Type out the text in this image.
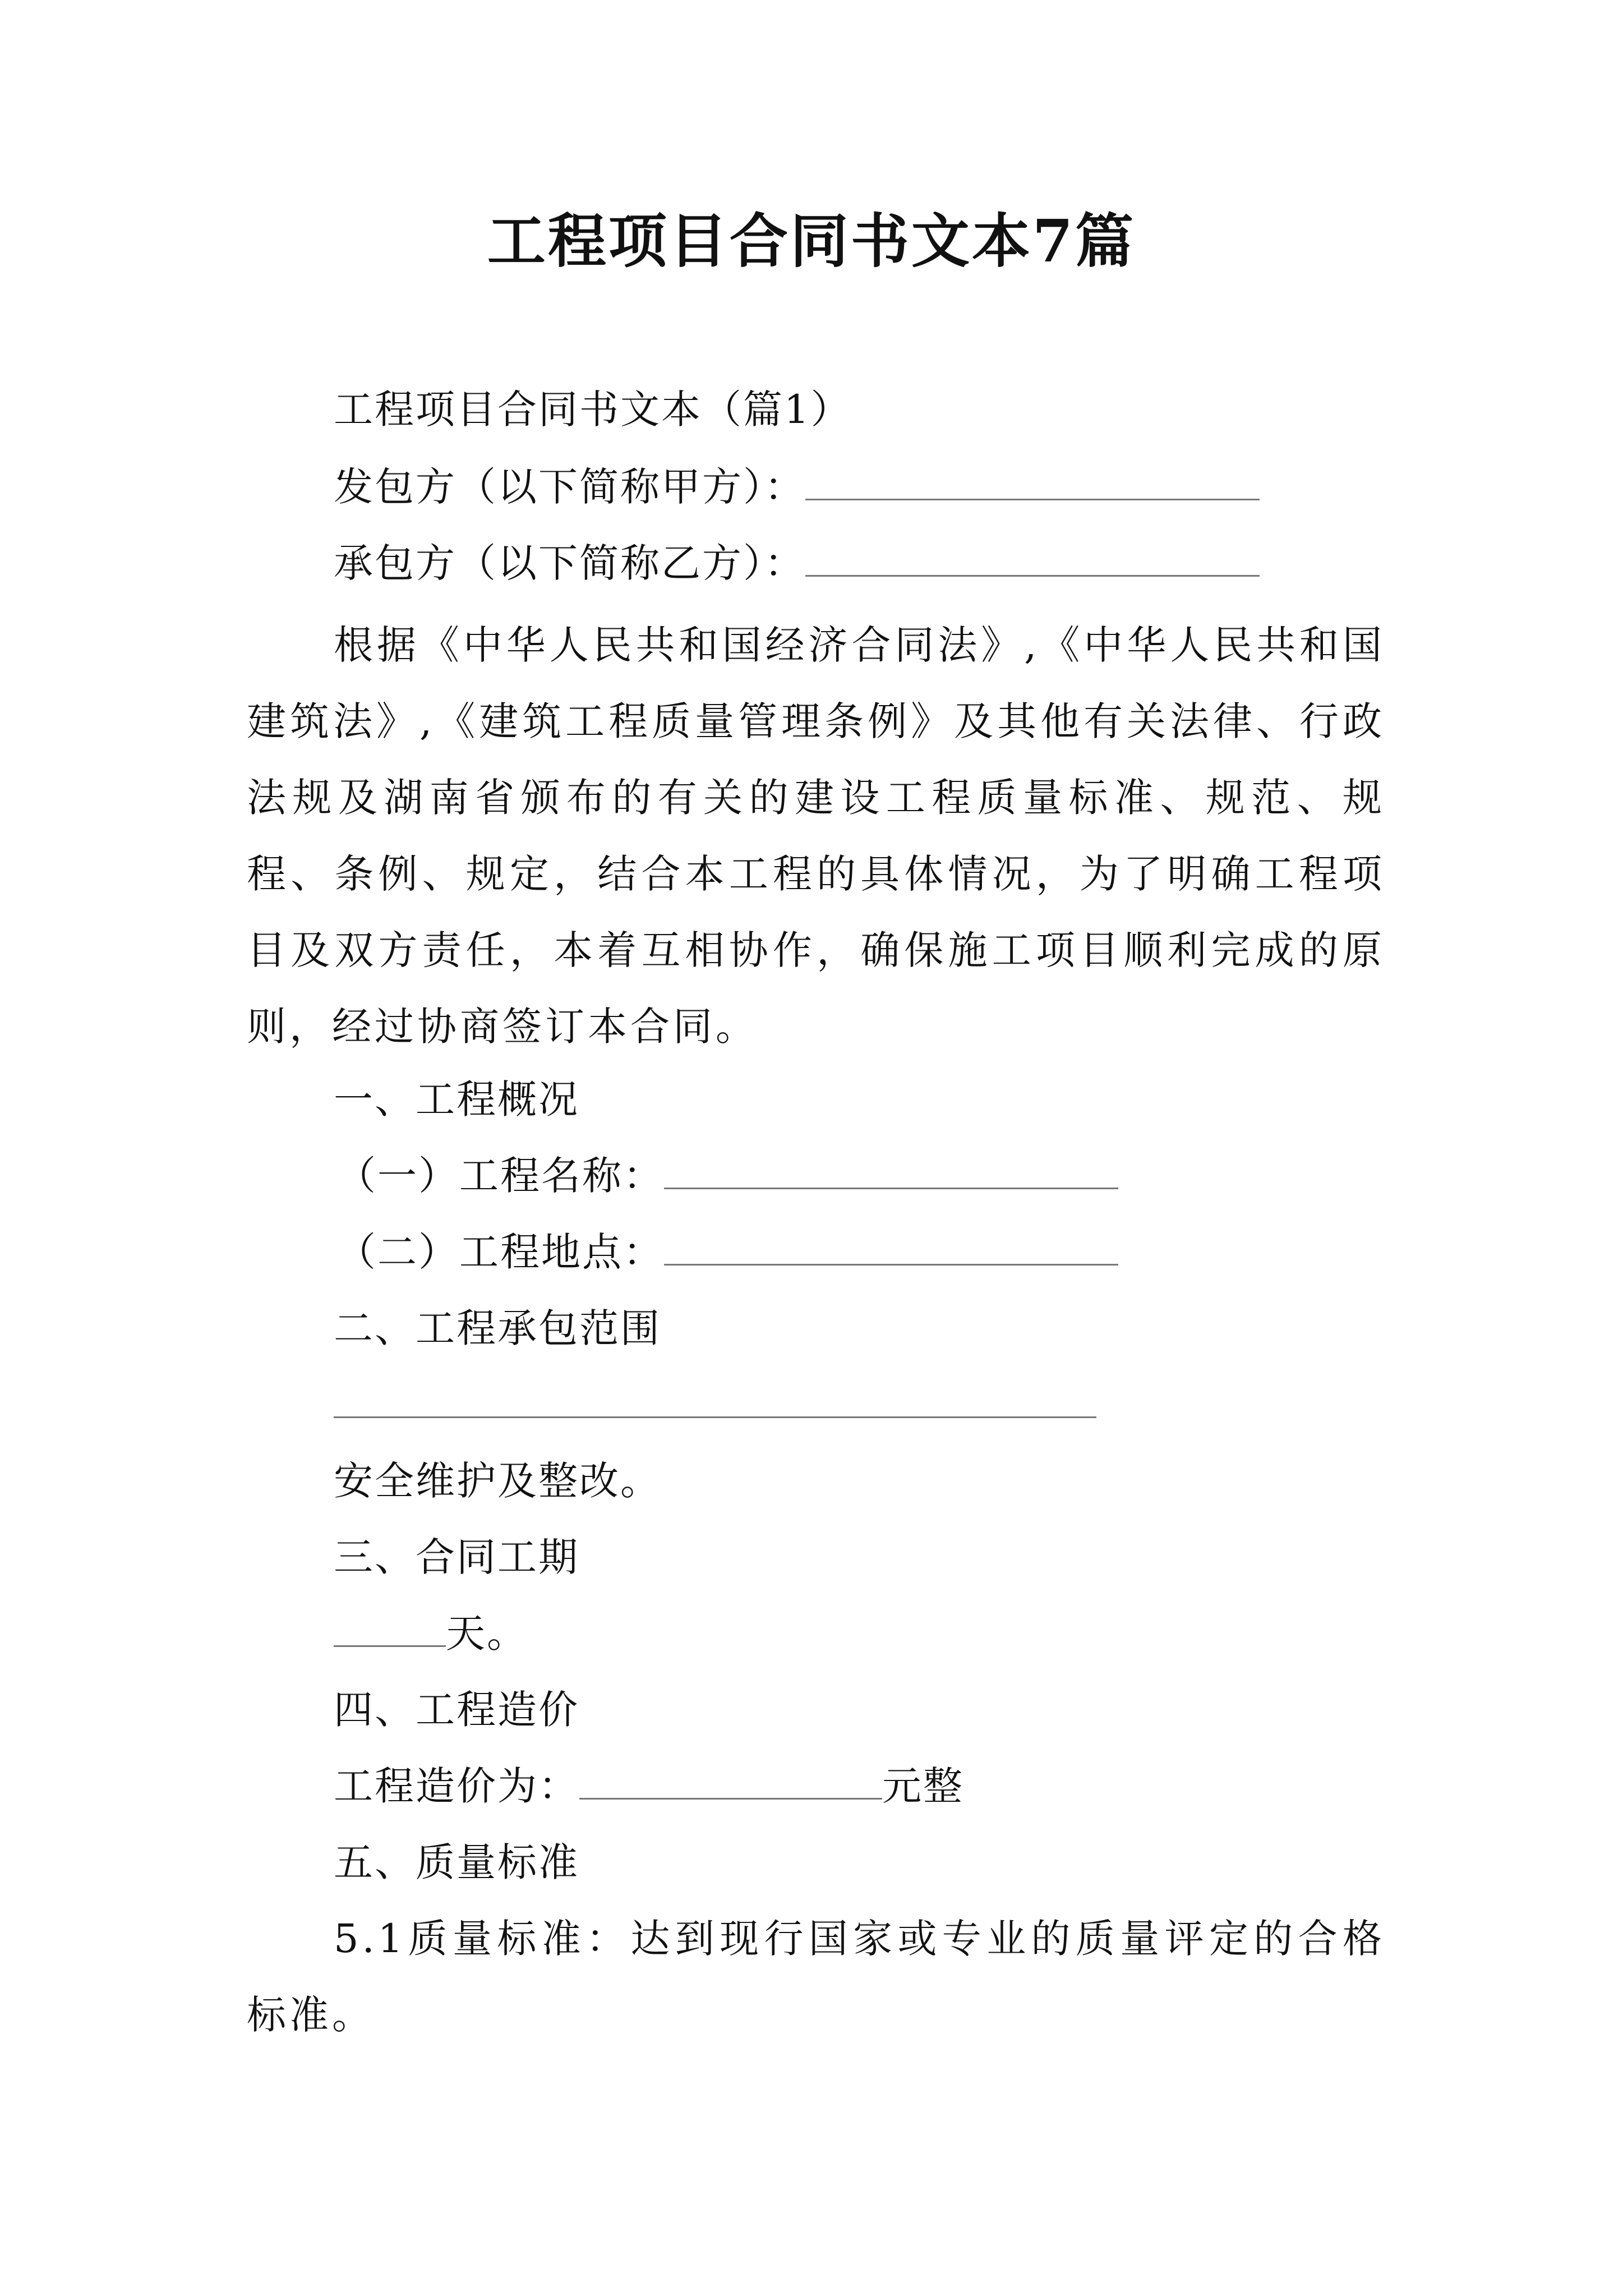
工程项目合同书文本7篇
工程项目合同书文本（篇1）
发包方（以下简称甲方）：
承包方（以下简称乙方）：
根据《中华人民共和国经济合同法》,《中华人民共和国建筑法》,《建筑工程质量管理条例》及其他有关法律、行政法规及湖南省颁布的有关的建设工程质量标准、规范、规程、条例、规定，结合本工程的具体情况，为了明确工程项目及双方责任，本着互相协作，确保施工项目顺利完成的原则，经过协商签订本合同。
一、工程概况
（一）工程名称：
（二）工程地点：
二、工程承包范围
安全维护及整改。
三、合同工期
天。
四、工程造价
工程造价为：	元整
五、质量标准
5.1质量标准：达到现行国家或专业的质量评定的合格标准。
